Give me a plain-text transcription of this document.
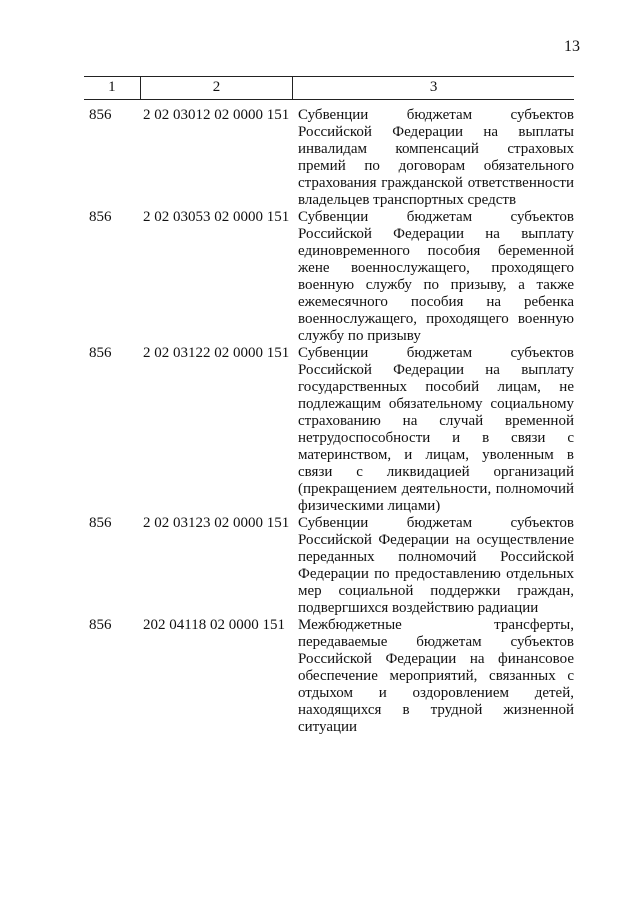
13
1	2	3
856	2 02 03012 02 0000 151 Субвенции бюджетам субъектов Российской Федерации на выплаты инвалидам компенсаций страховых премий по договорам обязательного страхования гражданской ответственности владельцев транспортных средств
856	2 02 03053 02 0000 151 Субвенции бюджетам субъектов Российской Федерации на выплату единовременного пособия беременной жене военнослужащего, проходящего военную службу по призыву, а также ежемесячного пособия на ребенка военнослужащего, проходящего военную службу по призыву
856	2 02 03122 02 0000 151 Субвенции бюджетам субъектов Российской Федерации на выплату государственных пособий лицам, не подлежащим обязательному социальному страхованию на случай временной нетрудоспособности и в связи с материнством, и лицам, уволенным в связи с ликвидацией организаций (прекращением деятельности, полномочий физическими лицами)
856	2 02 03123 02 0000 151 Субвенции бюджетам субъектов Российской Федерации на осуществление переданных полномочий Российской Федерации по предоставлению отдельных мер социальной поддержки граждан, подвергшихся воздействию радиации
856	202 04118 02 0000 151 Межбюджетные трансферты, передаваемые бюджетам субъектов Российской Федерации на финансовое обеспечение мероприятий, связанных с отдыхом и оздоровлением детей, находящихся в трудной жизненной ситуации
